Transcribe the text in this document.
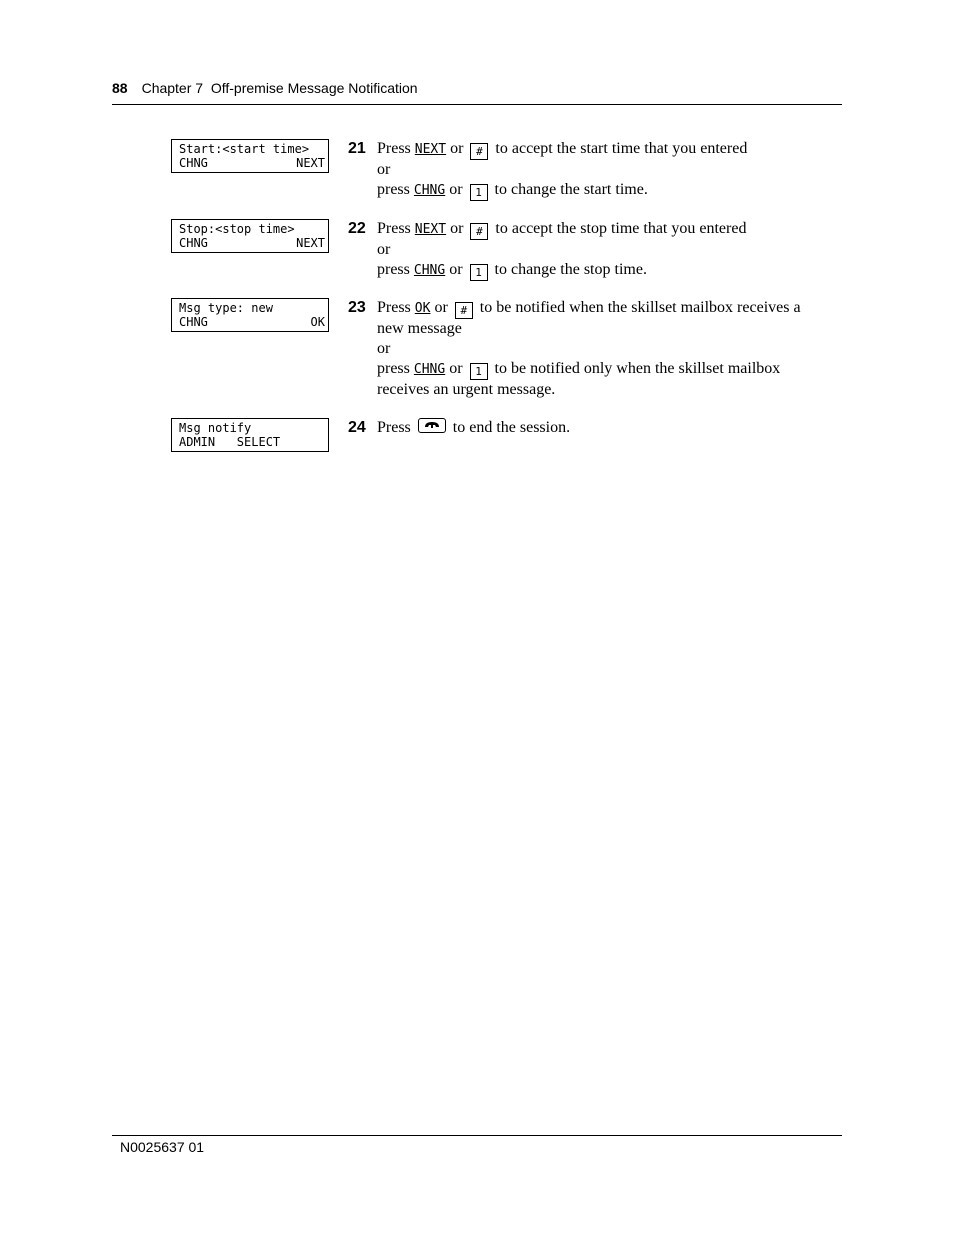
88 Chapter 7  Off-premise Message Notification
Start:<start time>
CHNG	NEXT
Stop:<stop time>
CHNG	NEXT
Msg type: new
CHNG	OK
Msg notify
ADMIN   SELECT
21 Press NEXT or # to accept the start time that you entered
or
press CHNG or 1 to change the start time.
22 Press NEXT or # to accept the stop time that you entered
or
press CHNG or 1 to change the stop time.
23 Press OK or # to be notified when the skillset mailbox receives a
new message
or
press CHNG or 1 to be notified only when the skillset mailbox
receives an urgent message.
24 Press	to end the session.
N0025637 01
